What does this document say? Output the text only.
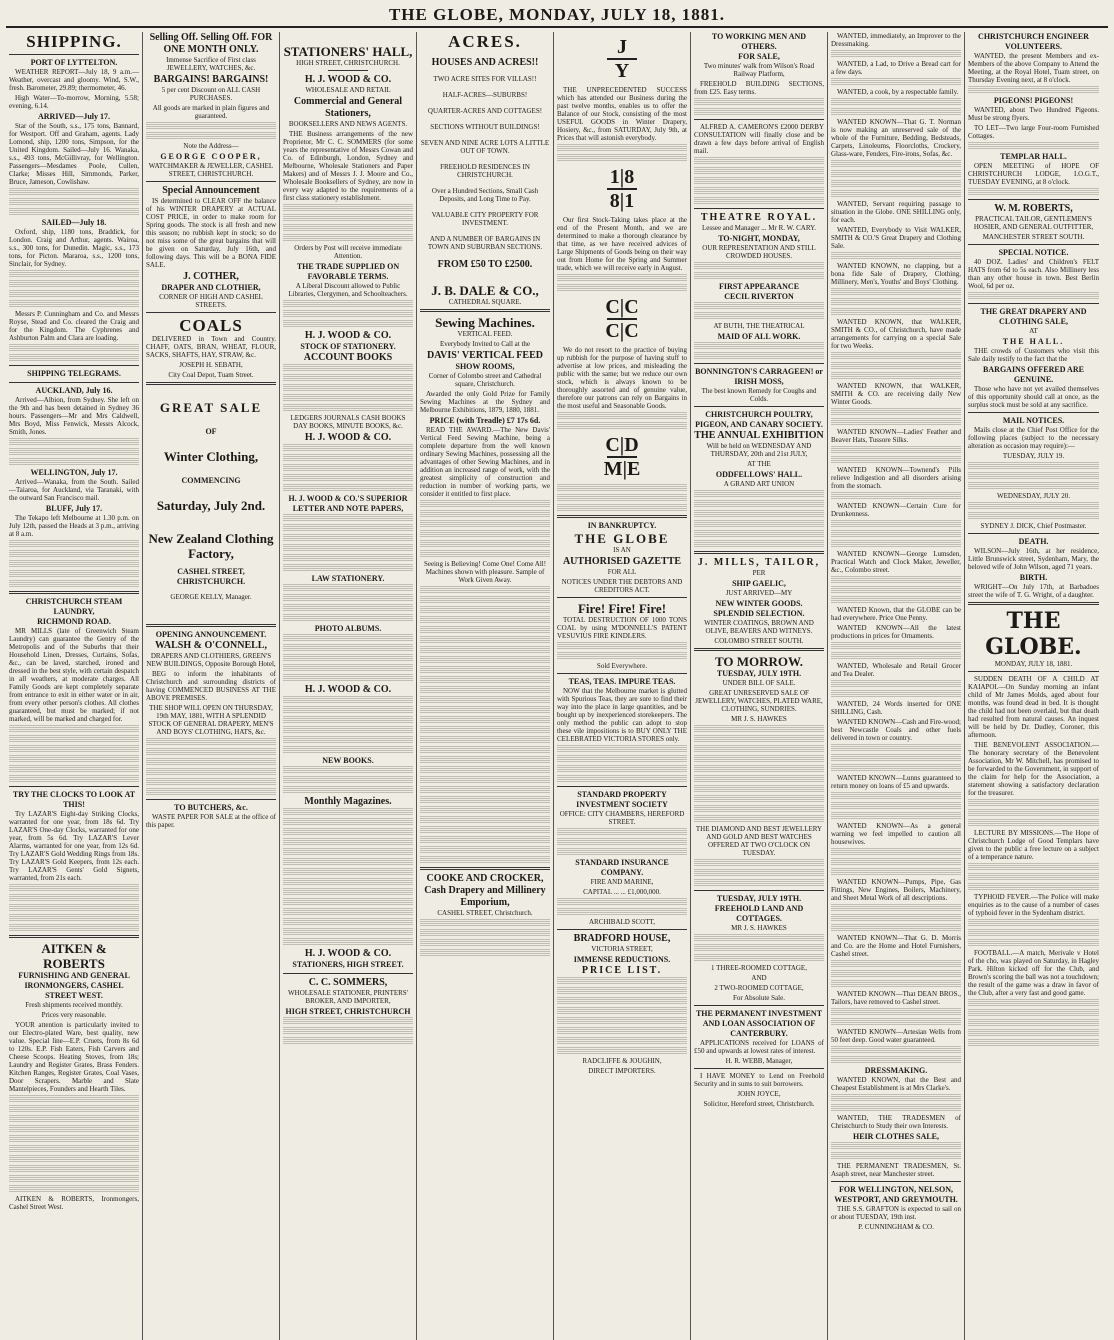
THE GLOBE, MONDAY, JULY 18, 1881.
SHIPPING.
PORT OF LYTTELTON.

WEATHER REPORT—July 18, 9 a.m.—Weather, overcast and gloomy. Wind, S.W., fresh. Barometer, 29.89; thermometer, 46.

High Water—To-morrow, Morning, 5.58; evening, 6.14.

ARRIVED—July 17.

Star of the South, s.s., 175 tons, Bannard, for Westport. Off and Graham, agents. Lady Lomond, ship, 1200 tons, Simpson, for the United Kingdom. Sailed—July 16. Wanaka, s.s., 493 tons, McGillivray, for Wellington. Passengers—Mesdames Poole, Cullen, Clarke; Misses Hill, Simmonds, Parker, Bruce, Jameson, Cowlishaw.

SAILED—July 18.

Oxford, ship, 1180 tons, Braddick, for London. Craig and Arthur, agents. Wairoa, s.s., 300 tons, for Dunedin. Magic, s.s., 173 tons, for Picton. Mararoa, s.s., 1200 tons, Sinclair, for Sydney.

Messrs P. Cunningham and Co. and Messrs Royse, Stead and Co. cleared the Craig and for the Kingdom. The Cyphrenes and Ashburton Palm and Clara are loading.

SHIPPING TELEGRAMS.
AUCKLAND, July 16.

Arrived—Albion, from Sydney. She left on the 9th and has been detained in Sydney 36 hours. Passengers—Mr and Mrs Caldwell, Mrs Boyd, Miss Fenwick, Messrs Alcock, Smith, Jones.

WELLINGTON, July 17.

Arrived—Wanaka, from the South. Sailed—Taiaroa, for Auckland, via Taranaki, with the outward San Francisco mail.

BLUFF, July 17.

The Tekapo left Melbourne at 1.30 p.m. on July 12th, passed the Heads at 3 p.m., arriving at 8 a.m.

CHRISTCHURCH STEAM LAUNDRY,
RICHMOND ROAD.

MR MILLS (late of Greenwich Steam Laundry) can guarantee the Gentry of the Metropolis and of the Suburbs that their Household Linen, Dresses, Curtains, Sofas, &c., can be laved, starched, ironed and dressed in the best style, with certain despatch in all weathers, at moderate charges. All Family Goods are kept completely separate from entrance to exit in either water or in air, from every other person's clothes. All clothes guaranteed, but must be marked; if not marked, will be marked and charged for.

TRY THE CLOCKS TO LOOK AT THIS!

Try LAZAR'S Eight-day Striking Clocks, warranted for one year, from 18s 6d. Try LAZAR'S One-day Clocks, warranted for one year, from 5s 6d. Try LAZAR'S Lever Alarms, warranted for one year, from 12s 6d. Try LAZAR'S Gold Wedding Rings from 18s. Try LAZAR'S Gold Keepers, from 12s each. Try LAZAR'S Gents' Gold Signets, warranted, from 21s each.

AITKEN & ROBERTS
FURNISHING AND GENERAL IRONMONGERS, CASHEL STREET WEST.

Fresh shipments received monthly.

Prices very reasonable.

YOUR attention is particularly invited to our Electro-plated Ware, best quality, new value. Special line—E.P. Cruets, from 8s 6d to 120s. E.P. Fish Eaters, Fish Carvers and Cheese Scoops. Heating Stoves, from 18s; Laundry and Register Grates, Brass Fenders. Kitchen Ranges, Register Grates, Coal Vases, Door Scrapers. Marble and Slate Mantelpieces, Founders and Hearth Tiles.

AITKEN & ROBERTS, Ironmongers, Cashel Street West.

Selling Off. Selling Off. FOR ONE MONTH ONLY.

Immense Sacrifice of First class JEWELLERY, WATCHES, &c.

BARGAINS! BARGAINS!

5 per cent Discount on ALL CASH PURCHASES.

All goods are marked in plain figures and guaranteed.

Note the Address—

GEORGE COOPER,

WATCHMAKER & JEWELLER, CASHEL STREET, CHRISTCHURCH.

Special Announcement

IS determined to CLEAR OFF the balance of his WINTER DRAPERY at ACTUAL COST PRICE, in order to make room for Spring goods. The stock is all fresh and new this season; no rubbish kept in stock; so do not miss some of the great bargains that will be given on Saturday, July 16th, and following days. This will be a BONA FIDE SALE.

J. COTHER,
DRAPER AND CLOTHIER,

CORNER OF HIGH AND CASHEL STREETS.

COALS

DELIVERED in Town and Country. CHAFF, OATS, BRAN, WHEAT, FLOUR, SACKS, SHAFTS, HAY, STRAW, &c.

JOSEPH H. SEBATH,

City Coal Depot, Tuam Street.

GREAT SALE
OF
Winter Clothing,
COMMENCING
Saturday, July 2nd.
New Zealand Clothing Factory,
CASHEL STREET, CHRISTCHURCH.

GEORGE KELLY, Manager.

OPENING ANNOUNCEMENT.
WALSH & O'CONNELL,

DRAPERS AND CLOTHIERS, GREEN'S NEW BUILDINGS, Opposite Borough Hotel,

BEG to inform the inhabitants of Christchurch and surrounding districts of having COMMENCED BUSINESS AT THE ABOVE PREMISES.

THE SHOP WILL OPEN ON THURSDAY, 19th MAY, 1881, WITH A SPLENDID STOCK OF GENERAL DRAPERY, MEN'S AND BOYS' CLOTHING, HATS, &c.

TO BUTCHERS, &c.

WASTE PAPER FOR SALE at the office of this paper.

STATIONERS' HALL,

HIGH STREET, CHRISTCHURCH.

H. J. WOOD & CO.

WHOLESALE AND RETAIL

Commercial and General Stationers,

BOOKSELLERS AND NEWS AGENTS.

THE Business arrangements of the new Proprietor, Mr C. C. SOMMERS (for some years the representative of Messrs Cowan and Co. of Edinburgh, London, Sydney and Melbourne, Wholesale Stationers and Paper Makers) and of Messrs J. J. Moore and Co., Wholesale Booksellers of Sydney, are now in every way adapted to the requirements of a first class stationery establishment.

Orders by Post will receive immediate Attention.

THE TRADE SUPPLIED ON FAVORABLE TERMS.

A Liberal Discount allowed to Public Libraries, Clergymen, and Schoolteachers.

H. J. WOOD & CO.
STOCK OF STATIONERY.
ACCOUNT BOOKS

LEDGERS JOURNALS CASH BOOKS DAY BOOKS, MINUTE BOOKS, &c.

H. J. WOOD & CO.
H. J. WOOD & CO.'S SUPERIOR LETTER AND NOTE PAPERS,
LAW STATIONERY.
PHOTO ALBUMS.
H. J. WOOD & CO.
NEW BOOKS.
Monthly Magazines.
H. J. WOOD & CO.
STATIONERS, HIGH STREET.
C. C. SOMMERS,

WHOLESALE STATIONER, PRINTERS' BROKER, AND IMPORTER,

HIGH STREET, CHRISTCHURCH
ACRES.
HOUSES AND ACRES!!

TWO ACRE SITES FOR VILLAS!!

HALF-ACRES—SUBURBS!

QUARTER-ACRES AND COTTAGES!

SECTIONS WITHOUT BUILDINGS!

SEVEN AND NINE ACRE LOTS A LITTLE OUT OF TOWN.

FREEHOLD RESIDENCES IN CHRISTCHURCH.

Over a Hundred Sections, Small Cash Deposits, and Long Time to Pay.

VALUABLE CITY PROPERTY FOR INVESTMENT.

AND A NUMBER OF BARGAINS IN TOWN AND SUBURBAN SECTIONS.

FROM £50 TO £2500.
J. B. DALE & CO.,

CATHEDRAL SQUARE.

Sewing Machines.

VERTICAL FEED.

Everybody Invited to Call at the

DAVIS' VERTICAL FEED
SHOW ROOMS,

Corner of Colombo street and Cathedral square, Christchurch.

Awarded the only Gold Prize for Family Sewing Machines at the Sydney and Melbourne Exhibitions, 1879, 1880, 1881.

PRICE (with Treadle) £7 17s 6d.

READ THE AWARD.—The New Davis' Vertical Feed Sewing Machine, being a complete departure from the well known ordinary Sewing Machines, possessing all the advantages of other Sewing Machines, and in addition an increased range of work, with the greatest simplicity of construction and reduction in number of working parts, we consider it entitled to first place.

Seeing is Believing! Come One! Come All! Machines shown with pleasure. Sample of Work Given Away.

COOKE AND CROCKER,
Cash Drapery and Millinery Emporium,

CASHEL STREET, Christchurch.

J
Y

THE UNPRECEDENTED SUCCESS which has attended our Business during the past twelve months, enables us to offer the Balance of our Stock, consisting of the most USEFUL GOODS in Winter Drapery, Hosiery, &c., from SATURDAY, July 9th, at Prices that will astonish everybody.

1|8
8|1

Our first Stock-Taking takes place at the end of the Present Month, and we are determined to make a thorough clearance by that time, as we have received advices of Large Shipments of Goods being on their way out from Home for the Spring and Summer trade, which we will receive early in August.

C|C
C|C

We do not resort to the practice of buying up rubbish for the purpose of having stuff to advertise at low prices, and misleading the public with the same; but we reduce our own stock, which is always known to be thoroughly assorted and of genuine value, therefore our patrons can rely on Bargains in the most useful and Seasonable Goods.

C|D
M|E
IN BANKRUPTCY.
THE GLOBE

IS AN

AUTHORISED GAZETTE

FOR ALL

NOTICES UNDER THE DEBTORS AND CREDITORS ACT.

Fire! Fire! Fire!

TOTAL DESTRUCTION OF 1000 TONS COAL by using M'DONNELL'S PATENT VESUVIUS FIRE KINDLERS.

Sold Everywhere.

TEAS, TEAS. IMPURE TEAS.

NOW that the Melbourne market is glutted with Spurious Teas, they are sure to find their way into the place in large quantities, and be bought up by inexperienced storekeepers. The only method the public can adopt to stop these vile impositions is to BUY ONLY THE CELEBRATED VICTORIA STORES only.

STANDARD PROPERTY INVESTMENT SOCIETY

OFFICE: CITY CHAMBERS, HEREFORD STREET.

STANDARD INSURANCE COMPANY.

FIRE AND MARINE,

CAPITAL ... ... £1,000,000.

ARCHIBALD SCOTT,

BRADFORD HOUSE,

VICTORIA STREET,

IMMENSE REDUCTIONS.
PRICE LIST.

RADCLIFFE & JOUGHIN,

DIRECT IMPORTERS.

TO WORKING MEN AND OTHERS.
FOR SALE,

Two minutes' walk from Wilson's Road Railway Platform,

FREEHOLD BUILDING SECTIONS, from £25. Easy terms.

ALFRED A. CAMERON'S £2000 DERBY CONSULTATION will finally close and be drawn a few days before arrival of English mail.

THEATRE ROYAL.

Lessee and Manager ... Mr R. W. CARY.

TO-NIGHT, MONDAY,

OUR REPRESENTATION AND STILL CROWDED HOUSES.

FIRST APPEARANCE
CECIL RIVERTON

AT BUTH, THE THEATRICAL

MAID OF ALL WORK.
BONNINGTON'S CARRAGEEN! or IRISH MOSS,

The best known Remedy for Coughs and Colds.

CHRISTCHURCH POULTRY, PIGEON, AND CANARY SOCIETY.
THE ANNUAL EXHIBITION

Will be held on WEDNESDAY AND THURSDAY, 20th and 21st JULY,

AT THE

ODDFELLOWS' HALL.

A GRAND ART UNION

J. MILLS, TAILOR,

PER

SHIP GAELIC,

JUST ARRIVED—MY

NEW WINTER GOODS.
SPLENDID SELECTION.

WINTER COATINGS, BROWN AND OLIVE, BEAVERS AND WITNEYS.

COLOMBO STREET SOUTH.

TO MORROW.
TUESDAY, JULY 19TH.

UNDER BILL OF SALE.

GREAT UNRESERVED SALE OF JEWELLERY, WATCHES, PLATED WARE, CLOTHING, SUNDRIES.

MR J. S. HAWKES

THE DIAMOND AND BEST JEWELLERY AND GOLD AND BEST WATCHES OFFERED AT TWO O'CLOCK ON TUESDAY.

TUESDAY, JULY 19TH.
FREEHOLD LAND AND COTTAGES.

MR J. S. HAWKES

1 THREE-ROOMED COTTAGE,

AND

2 TWO-ROOMED COTTAGE,

For Absolute Sale.

THE PERMANENT INVESTMENT AND LOAN ASSOCIATION OF CANTERBURY.

APPLICATIONS received for LOANS of £50 and upwards at lowest rates of interest.

H. R. WEBB, Manager,

I HAVE MONEY to Lend on Freehold Security and in sums to suit borrowers.

JOHN JOYCE,

Solicitor, Hereford street, Christchurch.

WANTED, immediately, an Improver to the Dressmaking.

WANTED, a Lad, to Drive a Bread cart for a few days.

WANTED, a cook, by a respectable family.

WANTED KNOWN—That G. T. Norman is now making an unreserved sale of the whole of the Furniture, Bedding, Bedsteads, Carpets, Linoleums, Floorcloths, Crockery, Glass-ware, Fenders, Fire-irons, Sofas, &c.

WANTED, Servant requiring passage to situation in the Globe. ONE SHILLING only, for each.

WANTED, Everybody to Visit WALKER, SMITH & CO.'S Great Drapery and Clothing Sale.

WANTED KNOWN, no clapping, but a bona fide Sale of Drapery, Clothing, Millinery, Men's, Youths' and Boys' Clothing.

WANTED KNOWN, that WALKER, SMITH & CO., of Christchurch, have made arrangements for carrying on a special Sale for two Weeks.

WANTED KNOWN, that WALKER, SMITH & CO. are receiving daily New Winter Goods.

WANTED KNOWN—Ladies' Feather and Beaver Hats, Tussore Silks.

WANTED KNOWN—Townend's Pills relieve Indigestion and all disorders arising from the stomach.

WANTED KNOWN—Certain Cure for Drunkenness.

WANTED KNOWN—George Lumsden, Practical Watch and Clock Maker, Jeweller, &c., Colombo street.

WANTED Known, that the GLOBE can be had everywhere. Price One Penny.

WANTED KNOWN—All the latest productions in prices for Ornaments.

WANTED, Wholesale and Retail Grocer and Tea Dealer.

WANTED, 24 Words inserted for ONE SHILLING, Cash.

WANTED KNOWN—Cash and Fire-wood; best Newcastle Coals and other fuels delivered in town or country.

WANTED KNOWN—Lunns guaranteed to return money on loans of £5 and upwards.

WANTED KNOWN—As a general warning we feel impelled to caution all housewives.

WANTED KNOWN—Pumps, Pipe, Gas Fittings, New Engines, Boilers, Machinery, and Sheet Metal Work of all descriptions.

WANTED KNOWN—That G. D. Morris and Co. are the Home and Hotel Furnishers, Cashel street.

WANTED KNOWN—That DEAN BROS., Tailors, have removed to Cashel street.

WANTED KNOWN—Artesian Wells from 50 feet deep. Good water guaranteed.

DRESSMAKING.

WANTED KNOWN, that the Best and Cheapest Establishment is at Mrs Clarke's.

WANTED, THE TRADESMEN of Christchurch to Study their own Interests.

HEIR CLOTHES SALE,

THE PERMANENT TRADESMEN, St. Asaph street, near Manchester street.

FOR WELLINGTON, NELSON, WESTPORT, AND GREYMOUTH.

THE S.S. GRAFTON is expected to sail on or about TUESDAY, 19th inst.

P. CUNNINGHAM & CO.

CHRISTCHURCH ENGINEER VOLUNTEERS.

WANTED, the present Members and ex-Members of the above Company to Attend the Meeting, at the Royal Hotel, Tuam street, on Thursday Evening next, at 8 o'clock.

PIGEONS! PIGEONS!

WANTED, about Two Hundred Pigeons. Must be strong flyers.

TO LET—Two large Four-room Furnished Cottages.

TEMPLAR HALL.

OPEN MEETING of HOPE OF CHRISTCHURCH LODGE, I.O.G.T., TUESDAY EVENING, at 8 o'clock.

W. M. ROBERTS,

PRACTICAL TAILOR, GENTLEMEN'S HOSIER, AND GENERAL OUTFITTER,

MANCHESTER STREET SOUTH.

SPECIAL NOTICE.

40 DOZ. Ladies' and Children's FELT HATS from 6d to 5s each. Also Millinery less than any other house in town. Best Berlin Wool, 6d per oz.

THE GREAT DRAPERY AND CLOTHING SALE,

AT

THE HALL.

THE crowds of Customers who visit this Sale daily testify to the fact that the

BARGAINS OFFERED ARE GENUINE.

Those who have not yet availed themselves of this opportunity should call at once, as the surplus stock must be sold at any sacrifice.

MAIL NOTICES.

Mails close at the Chief Post Office for the following places (subject to the necessary alteration as occasion may require):—

TUESDAY, JULY 19.

WEDNESDAY, JULY 20.

SYDNEY J. DICK, Chief Postmaster.

DEATH.

WILSON—July 16th, at her residence, Little Brunswick street, Sydenham, Mary, the beloved wife of John Wilson, aged 71 years.

BIRTH.

WRIGHT—On July 17th, at Barbadoes street the wife of T. G. Wright, of a daughter.

THE GLOBE.

MONDAY, JULY 18, 1881.

SUDDEN DEATH OF A CHILD AT KAIAPOI.—On Sunday morning an infant child of Mr James Molds, aged about four months, was found dead in bed. It is thought the child had not been overlaid, but that death had resulted from natural causes. An inquest will be held by Dr. Dudley, Coroner, this afternoon.

THE BENEVOLENT ASSOCIATION.—The honorary secretary of the Benevolent Association, Mr W. Mitchell, has promised to be forwarded to the Government, in support of the claim for help for the Association, a statement showing a satisfactory declaration for the treasurer.

LECTURE BY MISSIONS.—The Hope of Christchurch Lodge of Good Templars have given to the public a free lecture on a subject of a temperance nature.

TYPHOID FEVER.—The Police will make enquiries as to the cause of a number of cases of typhoid fever in the Sydenham district.

FOOTBALL.—A match, Merivale v Hotel of the cho, was played on Saturday, in Hagley Park. Hilton kicked off for the Club, and Brown's scoring the ball was not a touchdown; the result of the game was a draw in favor of the Club, after a very fast and good game.
